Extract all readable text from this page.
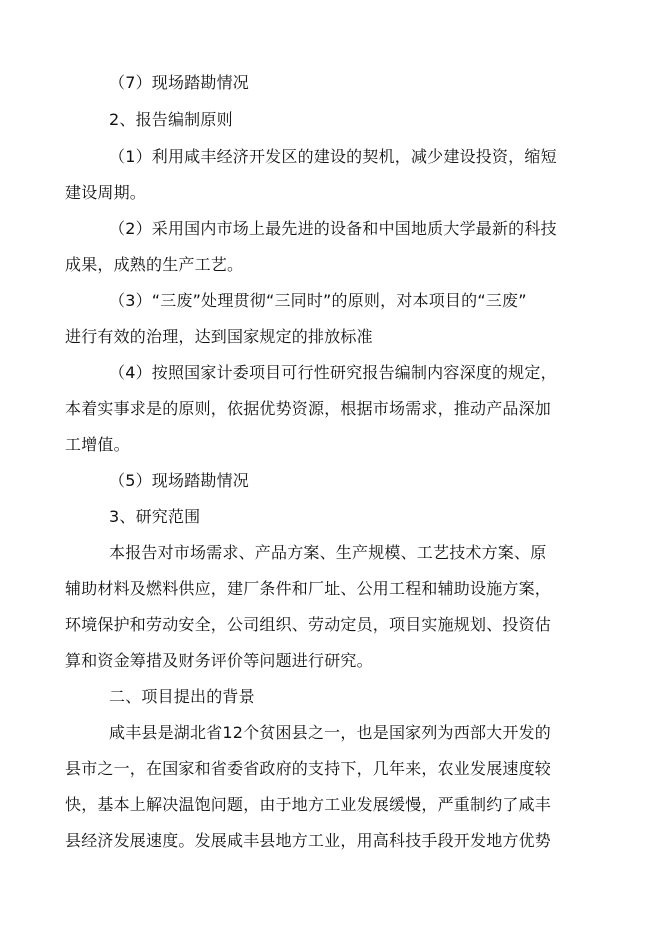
（7）现场踏勘情况
2、报告编制原则
（1）利用咸丰经济开发区的建设的契机，减少建设投资，缩短
建设周期。
（2）采用国内市场上最先进的设备和中国地质大学最新的科技
成果，成熟的生产工艺。
（3）“三废”处理贯彻“三同时”的原则，对本项目的“三废”
进行有效的治理，达到国家规定的排放标准
（4）按照国家计委项目可行性研究报告编制内容深度的规定，
本着实事求是的原则，依据优势资源，根据市场需求，推动产品深加
工增值。
（5）现场踏勘情况
3、研究范围
本报告对市场需求、产品方案、生产规模、工艺技术方案、原
辅助材料及燃料供应，建厂条件和厂址、公用工程和辅助设施方案，
环境保护和劳动安全，公司组织、劳动定员，项目实施规划、投资估
算和资金筹措及财务评价等问题进行研究。
二、项目提出的背景
咸丰县是湖北省12个贫困县之一，也是国家列为西部大开发的
县市之一，在国家和省委省政府的支持下，几年来，农业发展速度较
快，基本上解决温饱问题，由于地方工业发展缓慢，严重制约了咸丰
县经济发展速度。发展咸丰县地方工业，用高科技手段开发地方优势
